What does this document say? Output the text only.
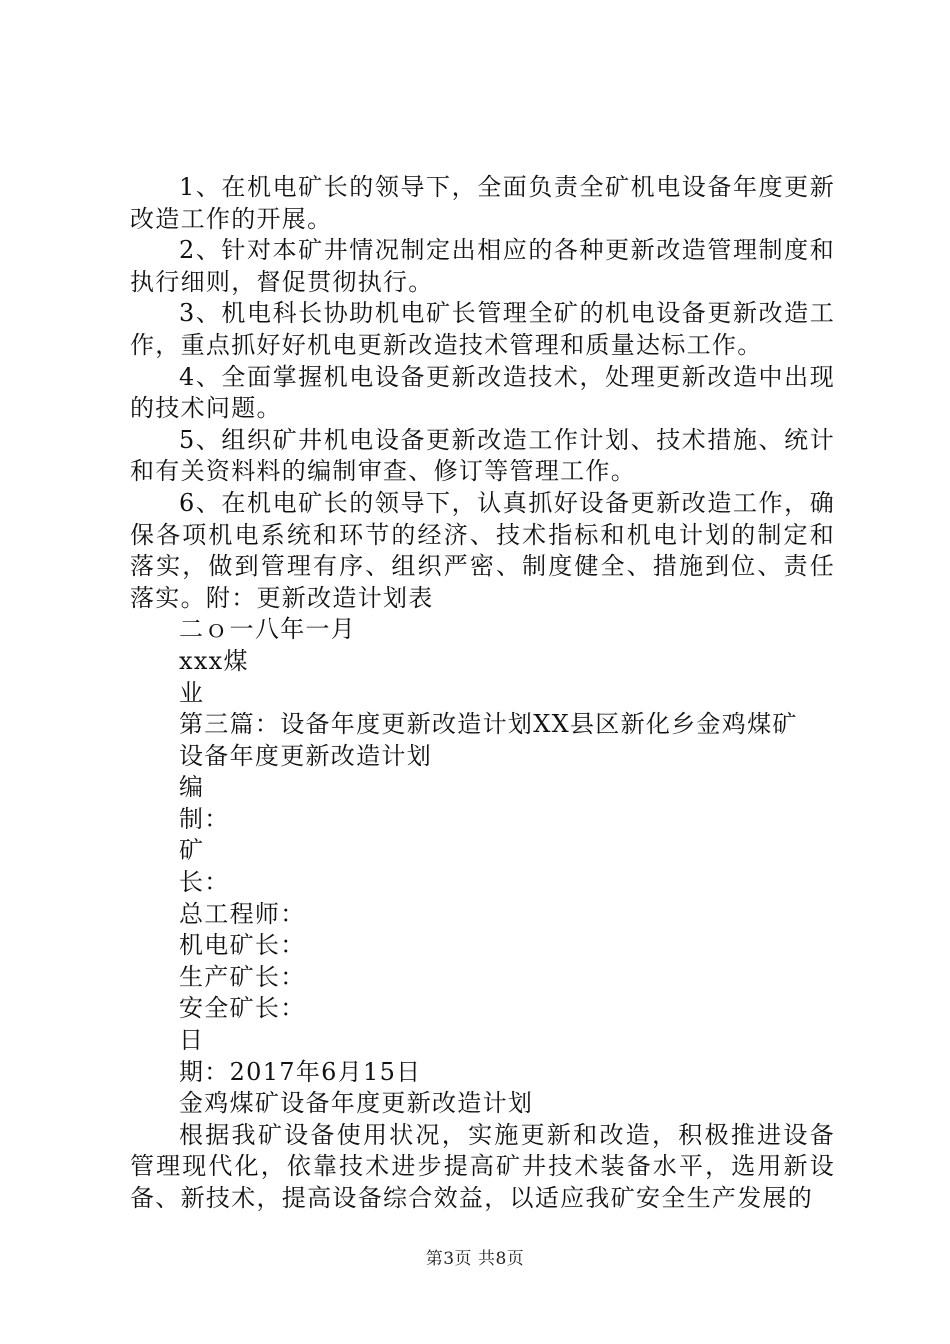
1、在机电矿长的领导下，全面负责全矿机电设备年度更新改造工作的开展。

2、针对本矿井情况制定出相应的各种更新改造管理制度和执行细则，督促贯彻执行。

3、机电科长协助机电矿长管理全矿的机电设备更新改造工作，重点抓好好机电更新改造技术管理和质量达标工作。

4、全面掌握机电设备更新改造技术，处理更新改造中出现的技术问题。

5、组织矿井机电设备更新改造工作计划、技术措施、统计和有关资料料的编制审查、修订等管理工作。

6、在机电矿长的领导下，认真抓好设备更新改造工作，确保各项机电系统和环节的经济、技术指标和机电计划的制定和落实，做到管理有序、组织严密、制度健全、措施到位、责任落实。附：更新改造计划表

二ｏ一八年一月

xxx煤

业

第三篇：设备年度更新改造计划XX县区新化乡金鸡煤矿

设备年度更新改造计划

编

制：

矿

长：

总工程师：

机电矿长：

生产矿长：

安全矿长：

日

期：2017年6月15日

金鸡煤矿设备年度更新改造计划

根据我矿设备使用状况，实施更新和改造，积极推进设备管理现代化，依靠技术进步提高矿井技术装备水平，选用新设备、新技术，提高设备综合效益，以适应我矿安全生产发展的

第3页 共8页
